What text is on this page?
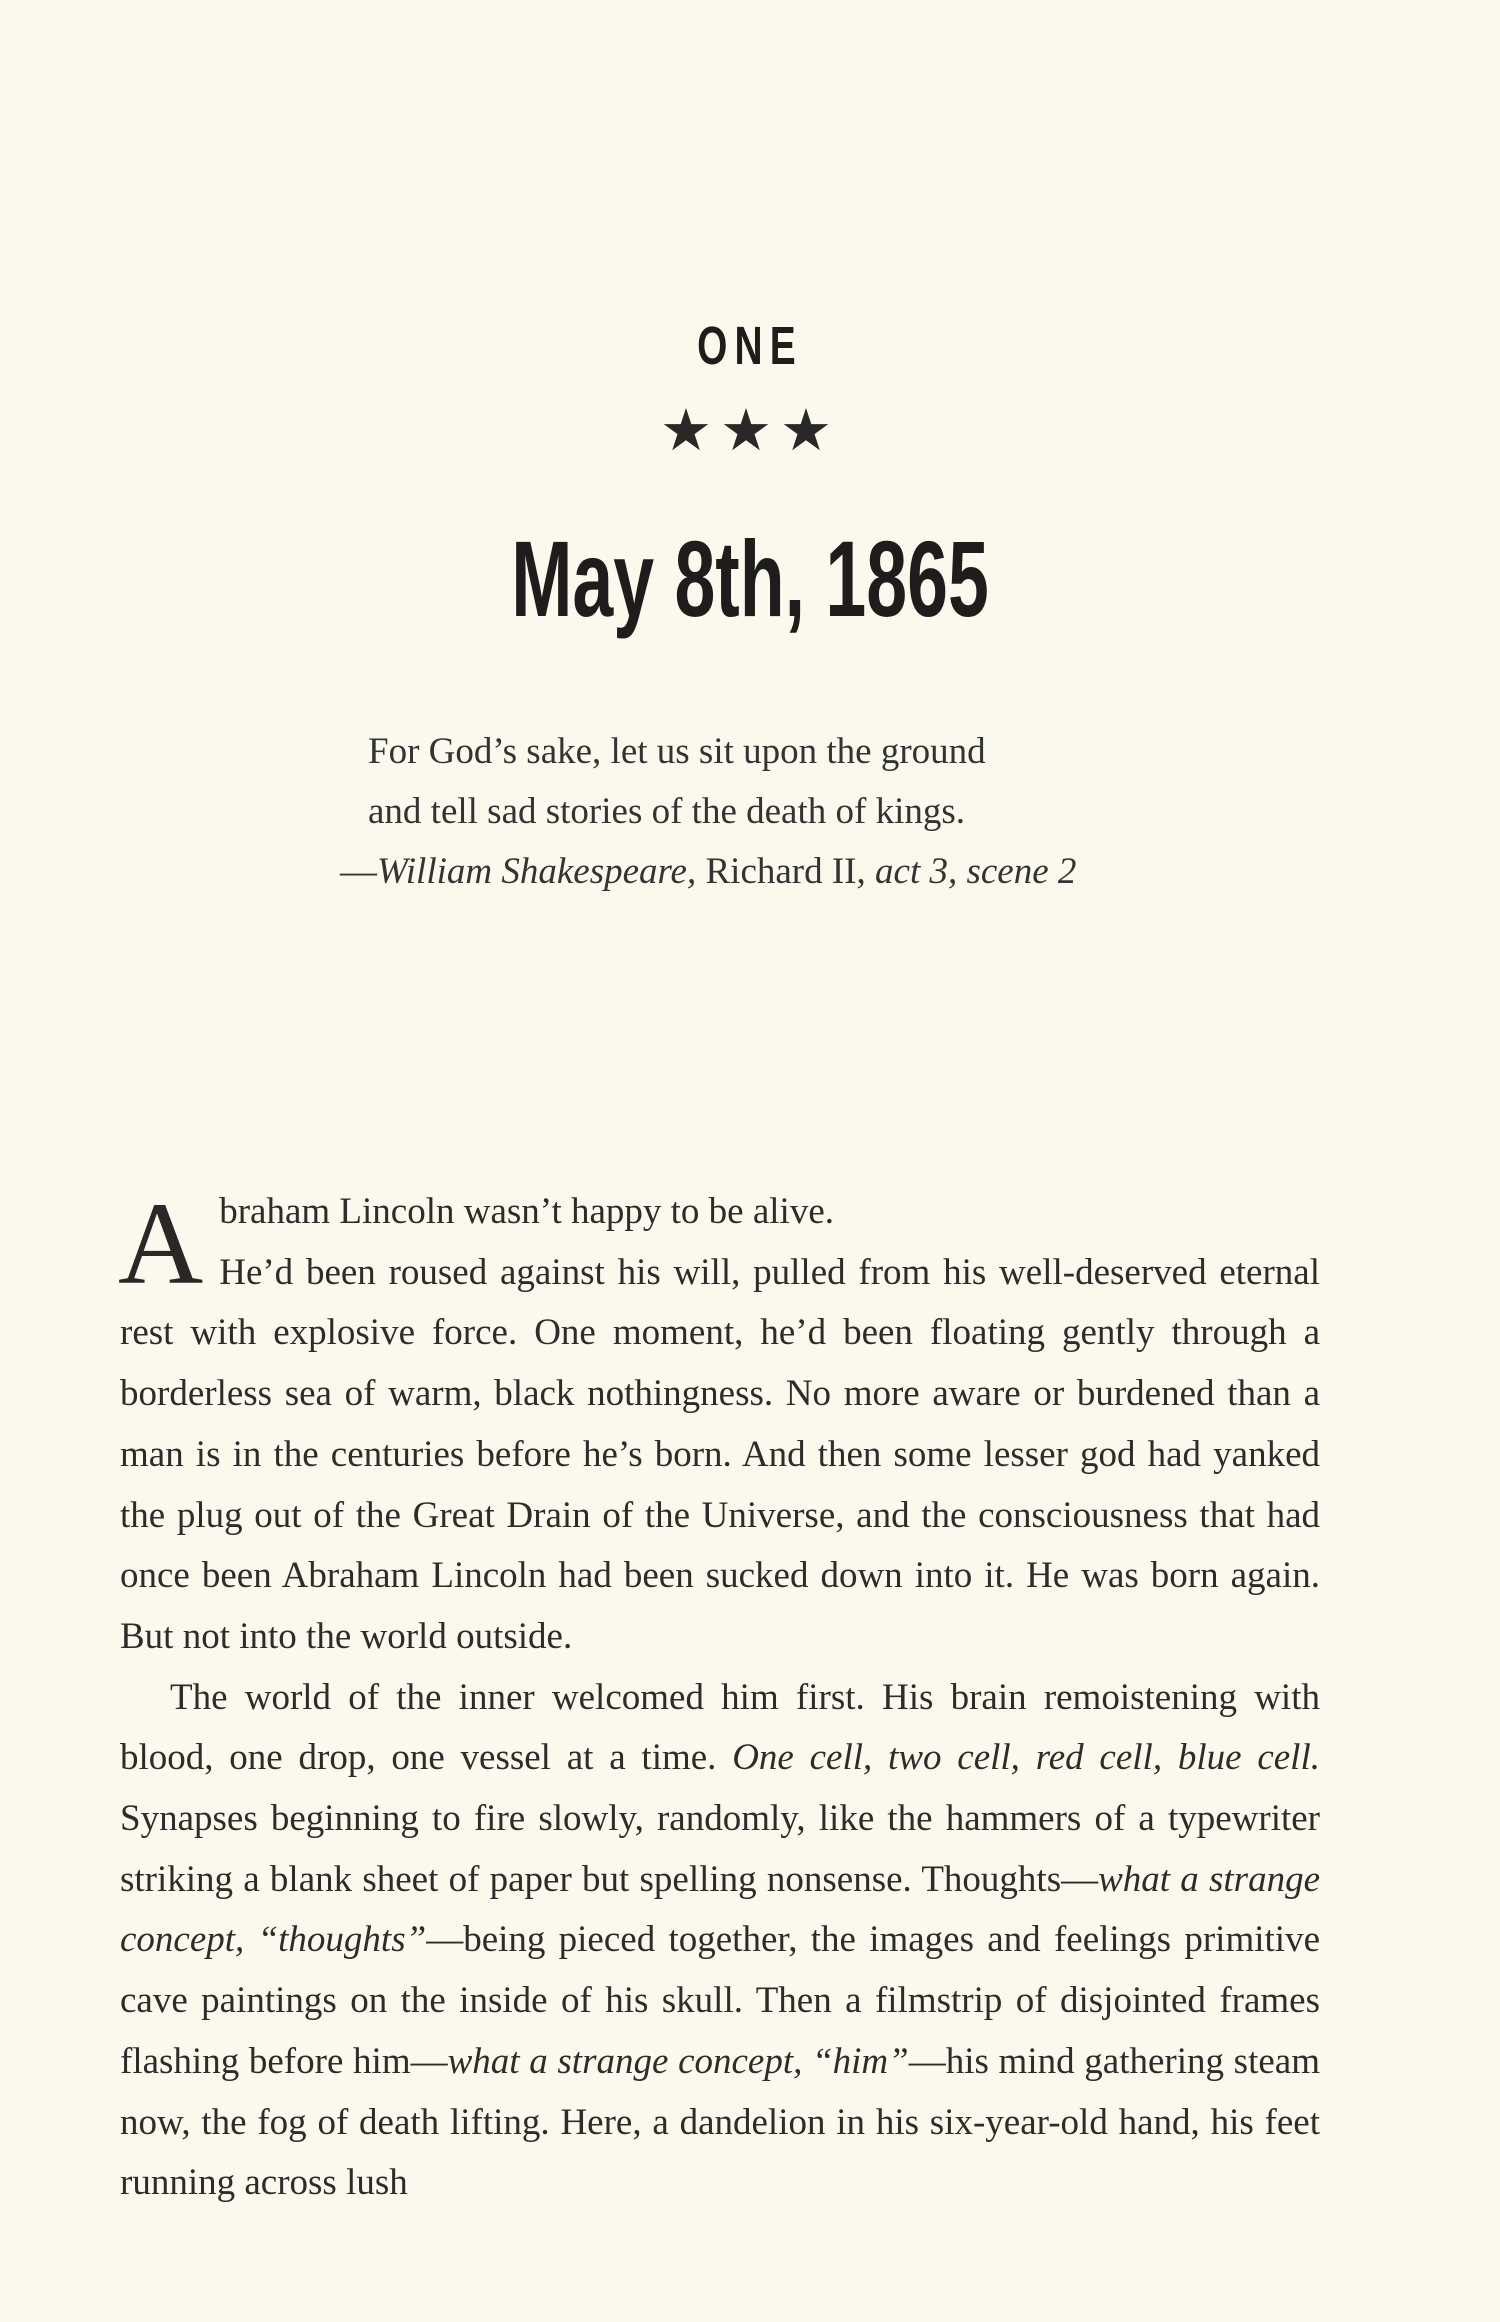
ONE
★★★
May 8th, 1865
For God’s sake, let us sit upon the ground
and tell sad stories of the death of kings.
—William Shakespeare, Richard II, act 3, scene 2
A braham Lincoln wasn’t happy to be alive.

He’d been roused against his will, pulled from his well-deserved eternal rest with explosive force. One moment, he’d been floating gently through a borderless sea of warm, black nothingness. No more aware or burdened than a man is in the centuries before he’s born. And then some lesser god had yanked the plug out of the Great Drain of the Universe, and the consciousness that had once been Abraham Lincoln had been sucked down into it. He was born again. But not into the world outside.

The world of the inner welcomed him first. His brain remoistening with blood, one drop, one vessel at a time. One cell, two cell, red cell, blue cell. Synapses beginning to fire slowly, randomly, like the hammers of a typewriter striking a blank sheet of paper but spelling nonsense. Thoughts—what a strange concept, “thoughts”—being pieced together, the images and feelings primitive cave paintings on the inside of his skull. Then a filmstrip of disjointed frames flashing before him—what a strange concept, “him”—his mind gathering steam now, the fog of death lifting. Here, a dandelion in his six-year-old hand, his feet running across lush
